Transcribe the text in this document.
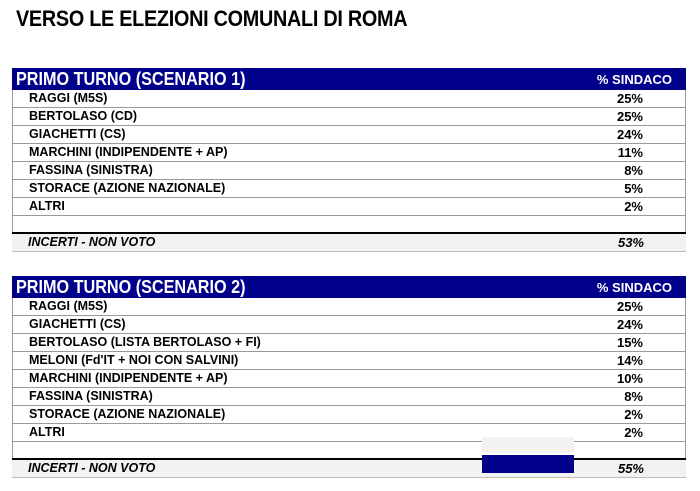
VERSO LE ELEZIONI COMUNALI DI ROMA
PRIMO TURNO (SCENARIO 1)	% SINDACO
RAGGI (M5S)	25%
BERTOLASO (CD)	25%
GIACHETTI (CS)	24%
MARCHINI (INDIPENDENTE + AP)	11%
FASSINA (SINISTRA)	8%
STORACE (AZIONE NAZIONALE)	5%
ALTRI	2%
INCERTI - NON VOTO	53%
PRIMO TURNO (SCENARIO 2)	% SINDACO
RAGGI (M5S)	25%
GIACHETTI (CS)	24%
BERTOLASO (LISTA BERTOLASO + FI)	15%
MELONI (Fd'IT + NOI CON SALVINI)	14%
MARCHINI (INDIPENDENTE + AP)	10%
FASSINA (SINISTRA)	8%
STORACE (AZIONE NAZIONALE)	2%
ALTRI	2%
INCERTI - NON VOTO	55%
